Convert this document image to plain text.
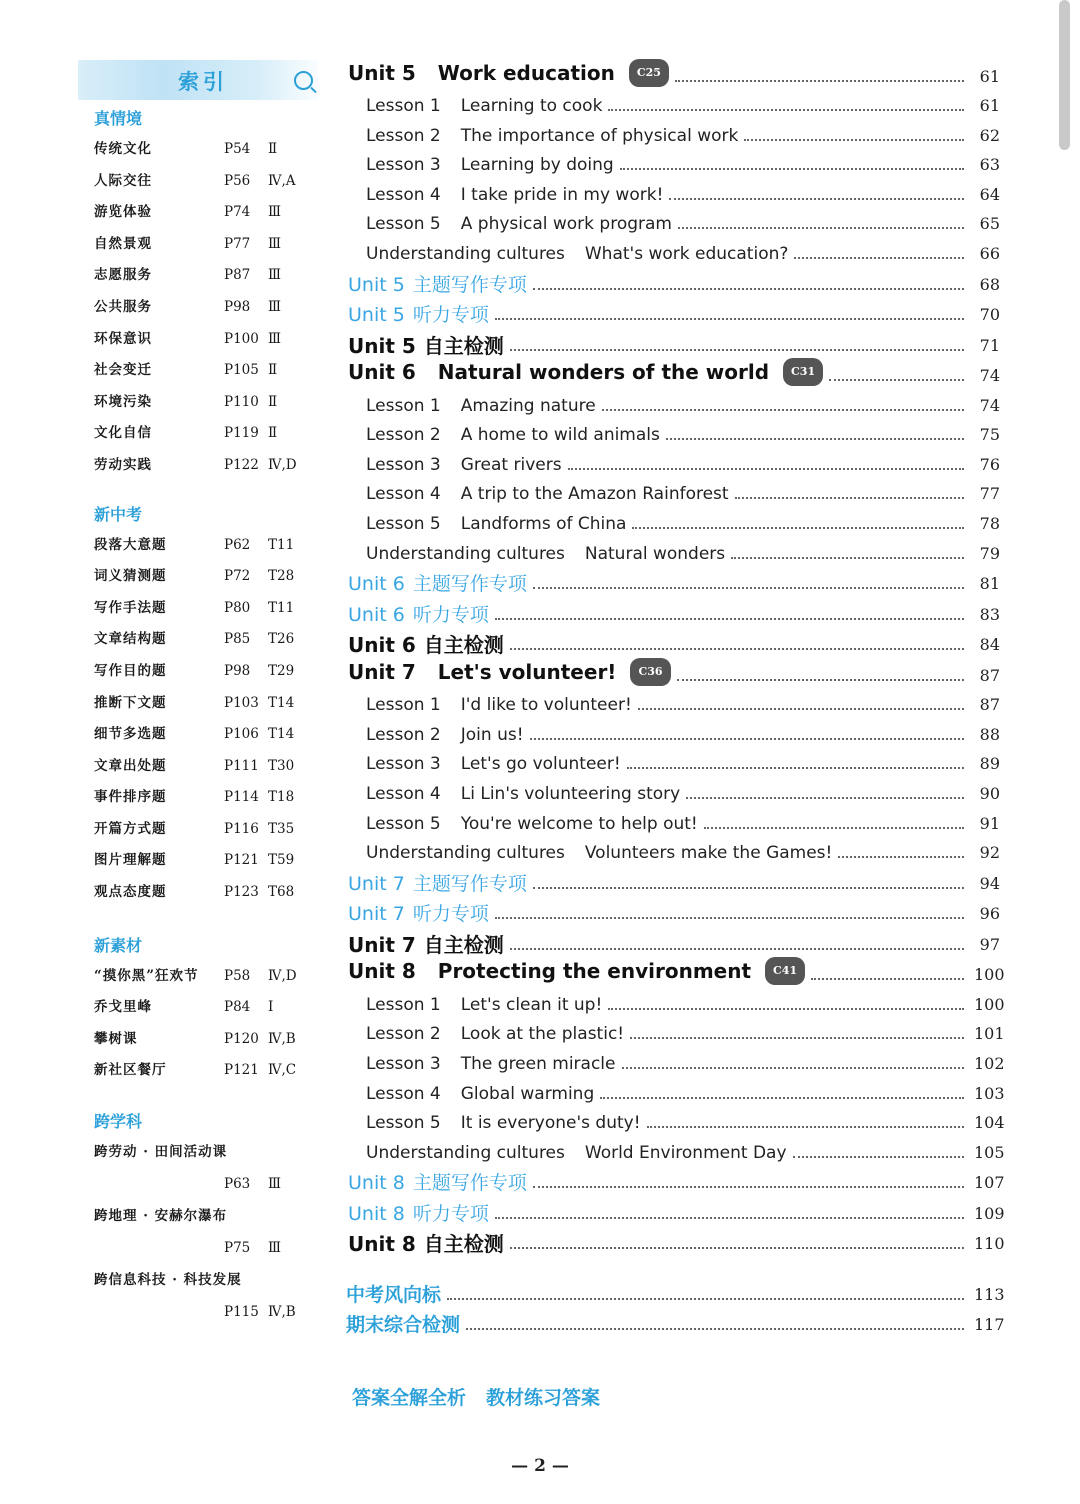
索引
真情境
传统文化	P54 Ⅱ
人际交往	P56 Ⅳ,A
游览体验	P74 Ⅲ
自然景观	P77 Ⅲ
志愿服务	P87 Ⅲ
公共服务	P98 Ⅲ
环保意识	P100 Ⅲ
社会变迁	P105 Ⅱ
环境污染	P110 Ⅱ
文化自信	P119 Ⅱ
劳动实践	P122 Ⅳ,D
新中考
段落大意题	P62 T11
词义猜测题	P72 T28
写作手法题	P80 T11
文章结构题	P85 T26
写作目的题	P98 T29
推断下文题	P103 T14
细节多选题	P106 T14
文章出处题	P111 T30
事件排序题	P114 T18
开篇方式题	P116 T35
图片理解题	P121 T59
观点态度题	P123 T68
新素材
“摸你黑”狂欢节 P58 Ⅳ,D
乔戈里峰	P84 Ⅰ
攀树课	P120 Ⅳ,B
新社区餐厅	P121 Ⅳ,C
跨学科
跨劳动 · 田间活动课
P63 Ⅲ
跨地理 · 安赫尔瀑布
P75 Ⅲ
跨信息科技 · 科技发展
P115 Ⅳ,B
Unit 5 Work education C25	61
Lesson 1 Learning to cook	61
Lesson 2 The importance of physical work	62
Lesson 3 Learning by doing	63
Lesson 4 I take pride in my work!	64
Lesson 5 A physical work program	65
Understanding cultures What's work education?	66
Unit 5 主题写作专项	68
Unit 5 听力专项	70
Unit 5 自主检测	71
Unit 6 Natural wonders of the world C31	74
Lesson 1 Amazing nature	74
Lesson 2 A home to wild animals	75
Lesson 3 Great rivers	76
Lesson 4 A trip to the Amazon Rainforest	77
Lesson 5 Landforms of China	78
Understanding cultures Natural wonders	79
Unit 6 主题写作专项	81
Unit 6 听力专项	83
Unit 6 自主检测	84
Unit 7 Let's volunteer! C36	87
Lesson 1 I'd like to volunteer!	87
Lesson 2 Join us!	88
Lesson 3 Let's go volunteer!	89
Lesson 4 Li Lin's volunteering story	90
Lesson 5 You're welcome to help out!	91
Understanding cultures Volunteers make the Games!	92
Unit 7 主题写作专项	94
Unit 7 听力专项	96
Unit 7 自主检测	97
Unit 8 Protecting the environment C41	100
Lesson 1 Let's clean it up!	100
Lesson 2 Look at the plastic!	101
Lesson 3 The green miracle	102
Lesson 4 Global warming	103
Lesson 5 It is everyone's duty!	104
Understanding cultures World Environment Day	105
Unit 8 主题写作专项	107
Unit 8 听力专项	109
Unit 8 自主检测	110
中考风向标	113
期末综合检测	117
答案全解全析 教材练习答案
— 2 —
